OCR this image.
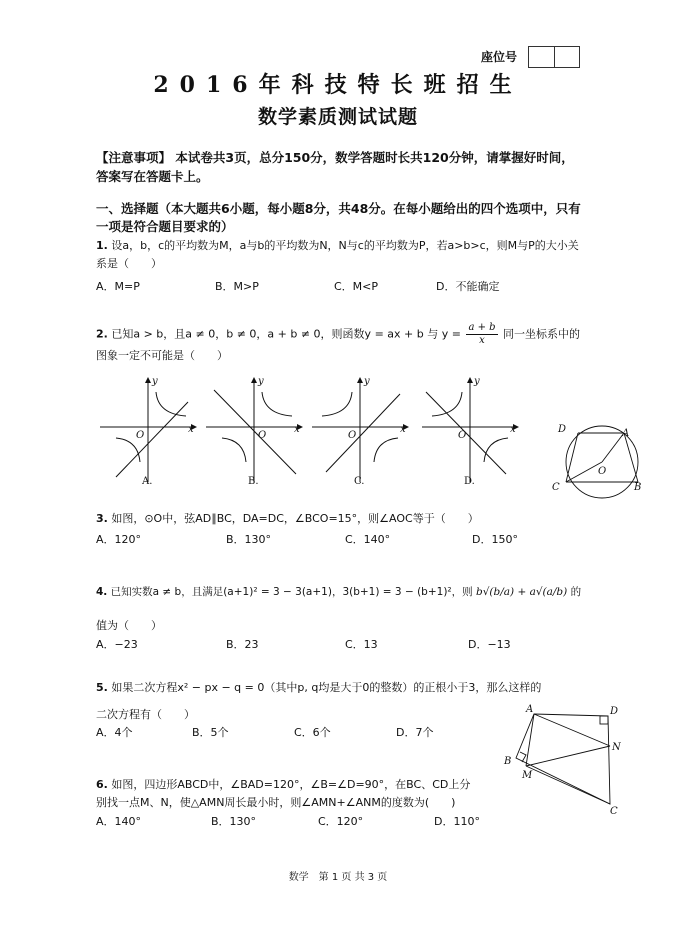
座位号
2016年科技特长班招生
数学素质测试试题
【注意事项】 本试卷共3页，总分150分，数学答题时长共120分钟，请掌握好时间，答案写在答题卡上。
一、选择题（本大题共6小题，每小题8分，共48分。在每小题给出的四个选项中，只有一项是符合题目要求的）
1. 设a，b，c的平均数为M，a与b的平均数为N，N与c的平均数为P，若a>b>c，则M与P的大小关系是（　　）
A．M=P	B．M>P	C．M<P	D．不能确定
2. 已知a > b，且a ≠ 0，b ≠ 0，a + b ≠ 0，则函数y = ax + b 与 $y = \frac{a + b}{x}$ 同一坐标系中的
图象一定不可能是（　　）
x
y
O
x
y
O
x
y
O
x
y
O
A.	B.	C.	D.
D	A
O
C	B
3. 如图，⊙O中，弦AD∥BC，DA=DC，∠BCO=15°，则∠AOC等于（　　）
A．120°	B．130°	C．140°	D．150°
4. 已知实数a ≠ b，且满足(a+1)² = 3 − 3(a+1)，3(b+1) = 3 − (b+1)²，则 b√(b/a) + a√(a/b) 的
值为（　　）
A．−23	B．23	C．13	D．−13
5. 如果二次方程x² − px − q = 0（其中p, q均是大于0的整数）的正根小于3，那么这样的
二次方程有（　　）
A．4个	B．5个	C．6个	D．7个
A	D
N
B
M
C
6. 如图，四边形ABCD中，∠BAD=120°，∠B=∠D=90°，在BC、CD上分
别找一点M、N，使△AMN周长最小时，则∠AMN+∠ANM的度数为(　　)
A．140°	B．130°	C．120°	D．110°
数学　第 1 页 共 3 页
